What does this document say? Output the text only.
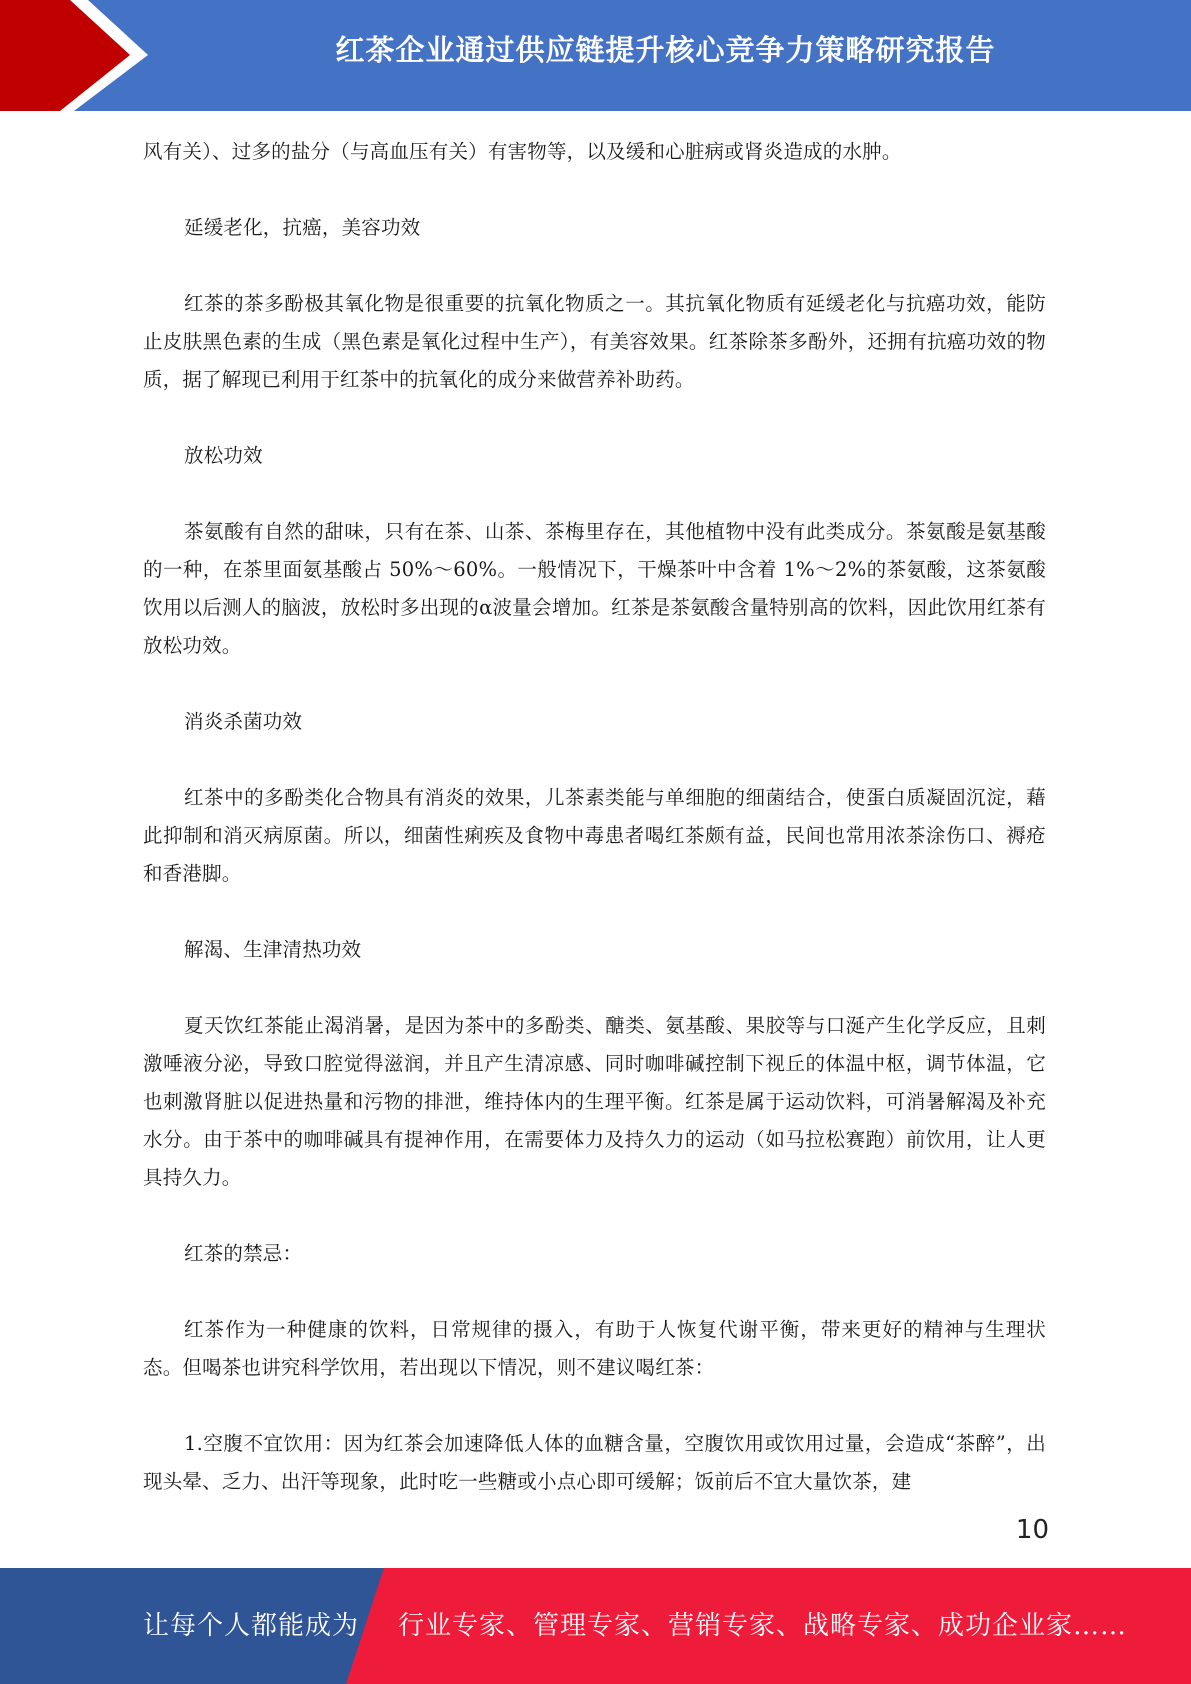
红茶企业通过供应链提升核心竞争力策略研究报告

风有关）、过多的盐分（与高血压有关）有害物等，以及缓和心脏病或肾炎造成的水肿。

延缓老化，抗癌，美容功效

红茶的茶多酚极其氧化物是很重要的抗氧化物质之一。其抗氧化物质有延缓老化与抗癌功效，能防止皮肤黑色素的生成（黑色素是氧化过程中生产），有美容效果。红茶除茶多酚外，还拥有抗癌功效的物质，据了解现已利用于红茶中的抗氧化的成分来做营养补助药。

放松功效

茶氨酸有自然的甜味，只有在茶、山茶、茶梅里存在，其他植物中没有此类成分。茶氨酸是氨基酸的一种，在茶里面氨基酸占 50%～60%。一般情况下，干燥茶叶中含着 1%～2%的茶氨酸，这茶氨酸饮用以后测人的脑波，放松时多出现的α波量会增加。红茶是茶氨酸含量特别高的饮料，因此饮用红茶有放松功效。

消炎杀菌功效

红茶中的多酚类化合物具有消炎的效果，儿茶素类能与单细胞的细菌结合，使蛋白质凝固沉淀，藉此抑制和消灭病原菌。所以，细菌性痢疾及食物中毒患者喝红茶颇有益，民间也常用浓茶涂伤口、褥疮和香港脚。

解渴、生津清热功效

夏天饮红茶能止渴消暑，是因为茶中的多酚类、醣类、氨基酸、果胶等与口涎产生化学反应，且刺激唾液分泌，导致口腔觉得滋润，并且产生清凉感、同时咖啡碱控制下视丘的体温中枢，调节体温，它也刺激肾脏以促进热量和污物的排泄，维持体内的生理平衡。红茶是属于运动饮料，可消暑解渴及补充水分。由于茶中的咖啡碱具有提神作用，在需要体力及持久力的运动（如马拉松赛跑）前饮用，让人更具持久力。

红茶的禁忌：

红茶作为一种健康的饮料，日常规律的摄入，有助于人恢复代谢平衡，带来更好的精神与生理状态。但喝茶也讲究科学饮用，若出现以下情况，则不建议喝红茶：

1.空腹不宜饮用：因为红茶会加速降低人体的血糖含量，空腹饮用或饮用过量，会造成“茶醉”，出现头晕、乏力、出汗等现象，此时吃一些糖或小点心即可缓解；饭前后不宜大量饮茶，建

10
让每个人都能成为 行业专家、管理专家、营销专家、战略专家、成功企业家……
